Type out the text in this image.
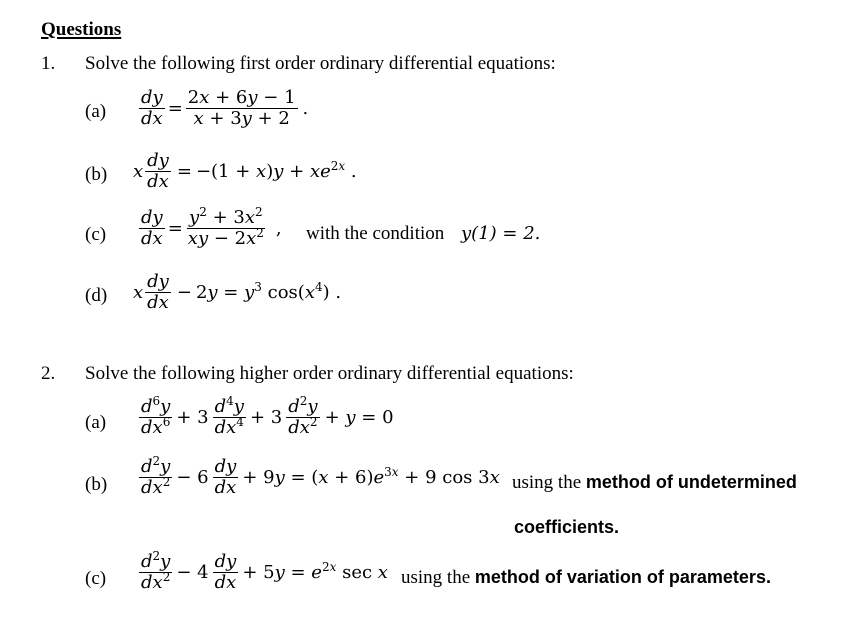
Questions
1. Solve the following first order ordinary differential equations:
$(a) \frac{dy}{dx} = \frac{2x + 6y - 1}{x + 3y + 2}$ .
(b) x $\frac{dy}{dx} = -(1 + x)y + xe^{2x}$ .
$(c) \frac{dy}{dx} = \frac{y^2 + 3x^2}{xy - 2x^2}$ , with the condition y(1) = 2.
(d) x $\frac{dy}{dx} - 2y = y^3$ $\cos(x^4)$ .
2. Solve the following higher order ordinary differential equations:
$(a) \frac{d^6y}{dx^6} + 3 \frac{d^4y}{dx^4} + 3 \frac{d^2y}{dx^2} + y = 0$
$(b) \frac{d^2y}{dx^2} - 6 \frac{dy}{dx} + 9y = (x + 6)e^{3x} + 9$ cos 3x using the method of undetermined
coefficients.
$(c) \frac{d^2y}{dx^2} - 4 \frac{dy}{dx} + 5y = e^{2x}$ sec x using the method of variation of parameters.
